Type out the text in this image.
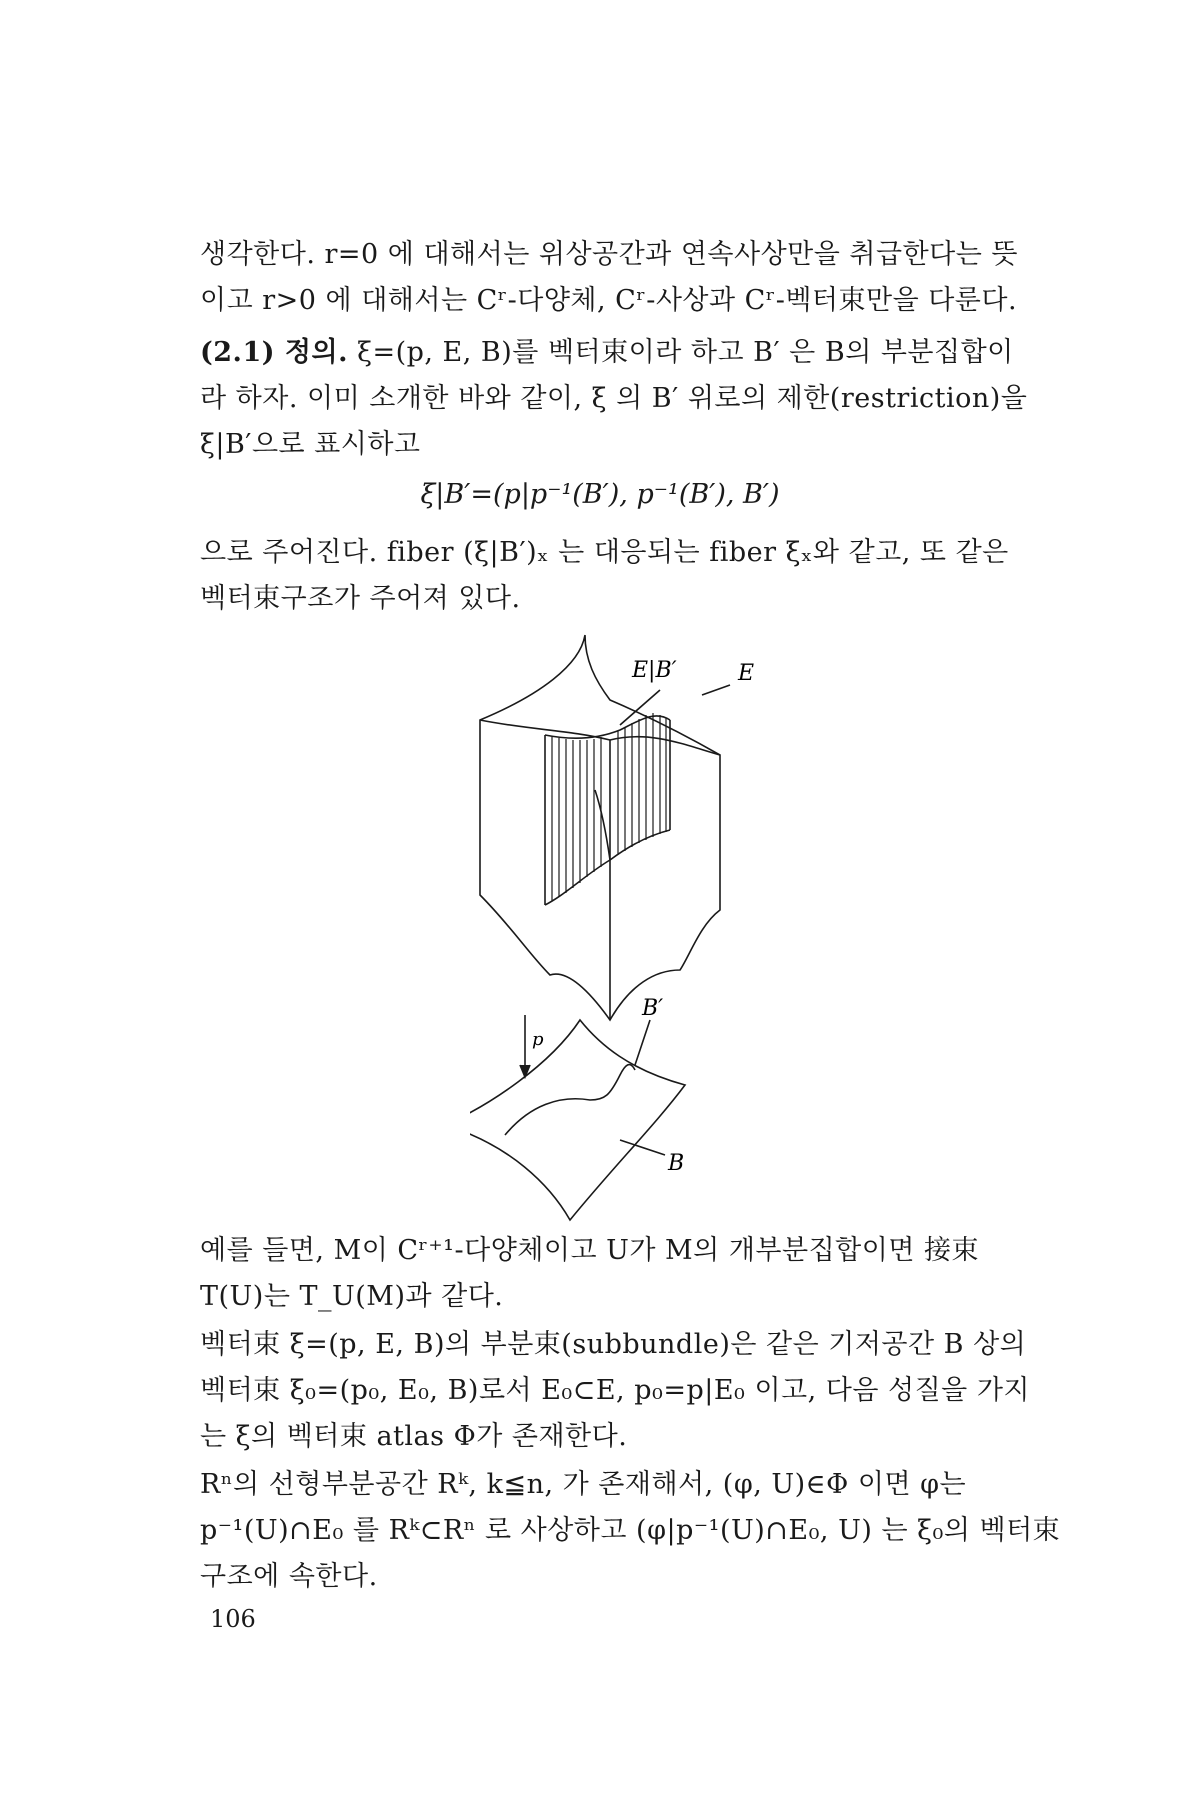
생각한다. r=0 에 대해서는 위상공간과 연속사상만을 취급한다는 뜻

이고 r>0 에 대해서는 Cʳ-다양체, Cʳ-사상과 Cʳ-벡터束만을 다룬다.

(2.1) 정의. ξ=(p, E, B)를 벡터束이라 하고 B′ 은 B의 부분집합이

라 하자. 이미 소개한 바와 같이, ξ 의 B′ 위로의 제한(restriction)을

ξ|B′으로 표시하고

ξ|B′=(p|p⁻¹(B′), p⁻¹(B′), B′)

으로 주어진다. fiber (ξ|B′)ₓ 는 대응되는 fiber ξₓ와 같고, 또 같은

벡터束구조가 주어져 있다.

E|B′	E
p
B′
B

예를 들면, M이 Cʳ⁺¹-다양체이고 U가 M의 개부분집합이면 接束

T(U)는 T_U(M)과 같다.

벡터束 ξ=(p, E, B)의 부분束(subbundle)은 같은 기저공간 B 상의

벡터束 ξ₀=(p₀, E₀, B)로서 E₀⊂E, p₀=p|E₀ 이고, 다음 성질을 가지

는 ξ의 벡터束 atlas Φ가 존재한다.

Rⁿ의 선형부분공간 Rᵏ, k≦n, 가 존재해서, (φ, U)∈Φ 이면 φ는

p⁻¹(U)∩E₀ 를 Rᵏ⊂Rⁿ 로 사상하고 (φ|p⁻¹(U)∩E₀, U) 는 ξ₀의 벡터束

구조에 속한다.

106
